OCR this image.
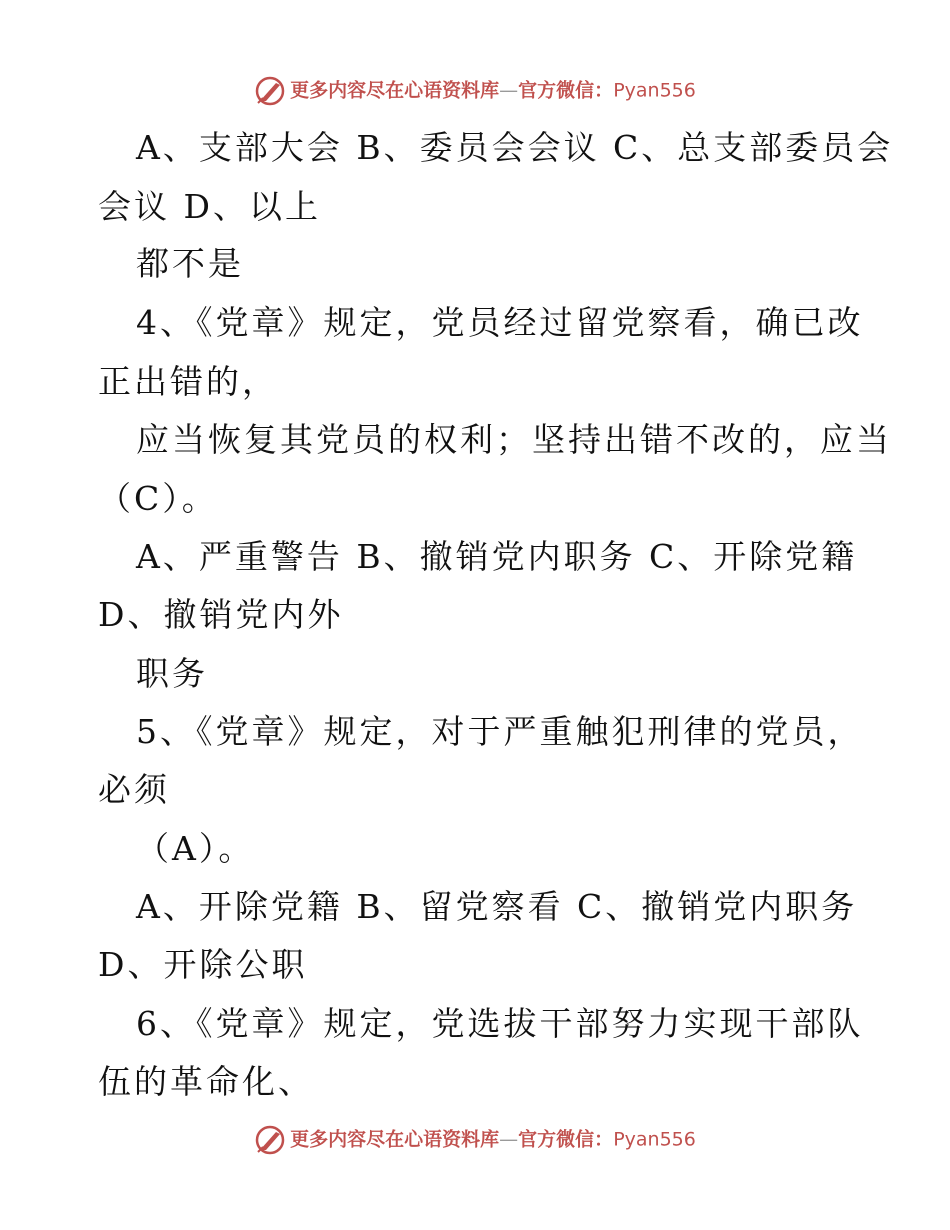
更多内容尽在心语资料库—官方微信：Pyan556
A、支部大会 B、委员会会议 C、总支部委员会
会议 D、以上
都不是
4、《党章》规定，党员经过留党察看，确已改
正出错的，
应当恢复其党员的权利；坚持出错不改的，应当
（C）。
A、严重警告 B、撤销党内职务 C、开除党籍
D、撤销党内外
职务
5、《党章》规定，对于严重触犯刑律的党员，
必须
（A）。
A、开除党籍 B、留党察看 C、撤销党内职务
D、开除公职
6、《党章》规定，党选拔干部努力实现干部队
伍的革命化、
更多内容尽在心语资料库—官方微信：Pyan556
